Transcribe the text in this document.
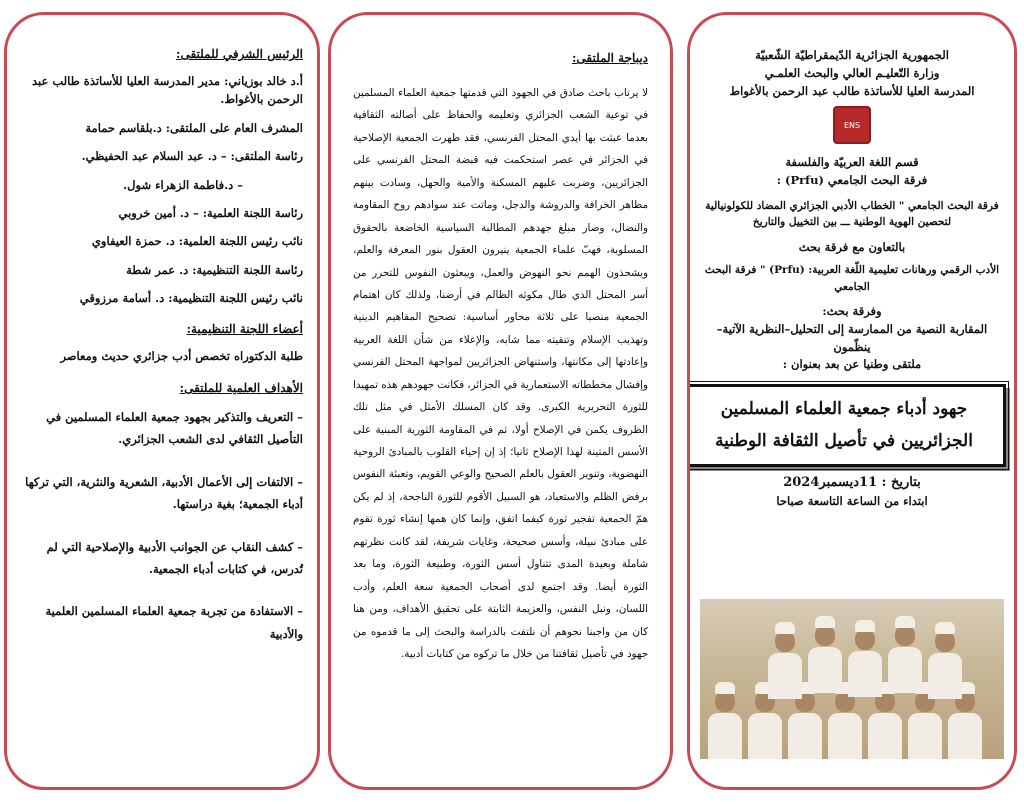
الرئيس الشرفي للملتقى:
أ.د خالد بوزياني: مدير المدرسة العليا للأساتذة طالب عبد الرحمن بالأغواط.
المشرف العام على الملتقى: د.بلقاسم حمامة
رئاسة الملتقى: – د. عبد السلام عبد الحفيظي.
– د.فاطمة الزهراء شول.
رئاسة اللجنة العلمية: – د. أمين خروبي
نائب رئيس اللجنة العلمية: د. حمزة العيفاوي
رئاسة اللجنة التنظيمية: د. عمر شطة
نائب رئيس اللجنة التنظيمية: د. أسامة مرزوقي
أعضاء اللجنة التنظيمية:
طلبة الدكتوراه تخصص أدب جزائري حديث ومعاصر
الأهداف العلمية للملتقى:
– التعريف والتذكير بجهود جمعية العلماء المسلمين في التأصيل الثقافي لدى الشعب الجزائري.
– الالتفات إلى الأعمال الأدبية، الشعرية والنثرية، التي تركها أدباء الجمعية؛ بغية دراستها.
– كشف النقاب عن الجوانب الأدبية والإصلاحية التي لم تُدرس، في كتابات أدباء الجمعية.
– الاستفادة من تجربة جمعية العلماء المسلمين العلمية والأدبية
ديباجة الملتقى:
لا يرتاب باحث صادق في الجهود التي قدمتها جمعية العلماء المسلمين في توعية الشعب الجزائري وتعليمه والحفاظ على أصالته الثقافية بعدما عبثت بها أيدي المحتل الفرنسي، فقد ظهرت الجمعية الإصلاحية في الجزائر في عصر استحكمت فيه قبضة المحتل الفرنسي على الجزائريين، وضربت عليهم المسكنة والأمية والجهل، وسادت بينهم مظاهر الخرافة والدروشة والدجل، وماتت عند سوادهم روح المقاومة والنضال، وصار مبلغ جهدهم المطالبة السياسية الخاضعة بالحقوق المسلوبة، فهبّ علماء الجمعية ينيرون العقول بنور المعرفة والعلم، ويشحذون الهمم نحو النهوض والعمل، ويبعثون النفوس للتحرر من أسر المحتل الذي طال مكوثه الظالم في أرضنا، ولذلك كان اهتمام الجمعية منصبا على ثلاثة محاور أساسية: تصحيح المفاهيم الدينية وتهذيب الإسلام وتنقيته مما شابه، والإعلاء من شأن اللغة العربية وإعادتها إلى مكانتها، واستنهاض الجزائريين لمواجهة المحتل الفرنسي وإفشال مخططاته الاستعمارية في الجزائر، فكانت جهودهم هذه تمهيدا للثورة التحريرية الكبرى. وقد كان المسلك الأمثل في مثل تلك الظروف يكمن في الإصلاح أولا، ثم في المقاومة الثورية المبنية على الأسس المتينة لهذا الإصلاح ثانيا؛ إذ إن إحياء القلوب بالمبادئ الروحية النهضوية، وتنوير العقول بالعلم الصحيح والوعي القويم، وتعبئة النفوس برفض الظلم والاستعباد، هو السبيل الأقوم للثورة الناجحة، إذ لم يكن همّ الجمعية تفجير ثورة كيفما اتفق، وإنما كان همها إنشاء ثورة تقوم على مبادئ نبيلة، وأسس صحيحة، وغايات شريفة، لقد كانت نظرتهم شاملة وبعيدة المدى تتناول أسس الثورة، وطبيعة الثورة، وما بعد الثورة أيضا. وقد اجتمع لدى أصحاب الجمعية سعة العلم، وأدب اللسان، ونبل النفس، والعزيمة الثابتة على تحقيق الأهداف، ومن هنا كان من واجبنا نحوهم أن نلتفت بالدراسة والبحث إلى ما قدموه من جهود في تأصيل ثقافتنا من خلال ما تركوه من كتابات أدبية.
الجمهورية الجزائرية الدّيمقراطيّة الشّعبيّة
وزارة التّعليـم العالي والبحث العلمـي
المدرسة العليا للأساتذة طالب عبد الرحمن بالأغواط
ENS
قسم اللغة العربيّة والفلسفة
فرقة البحث الجامعي (Prfu) :
فرقة البحث الجامعي " الخطاب الأدبي الجزائري المضاد للكولونيالية لتحصين الهوية الوطنية ـــ بين التخييل والتاريخ
بالتعاون مع فرقة بحث
الأدب الرقمي ورهانات تعليمية اللّغة العربية: (Prfu) " فرقة البحث الجامعي
وفرقة بحث:
المقاربة النصية من الممارسة إلى التحليل–النظرية الآتية–
ينظّمون
ملتقى وطنيا عن بعد بعنوان :
جهود أدباء جمعية العلماء المسلمين
الجزائريين في تأصيل الثقافة الوطنية
بتاريخ : 11ديسمبر2024
ابتداء من الساعة التاسعة صباحا
